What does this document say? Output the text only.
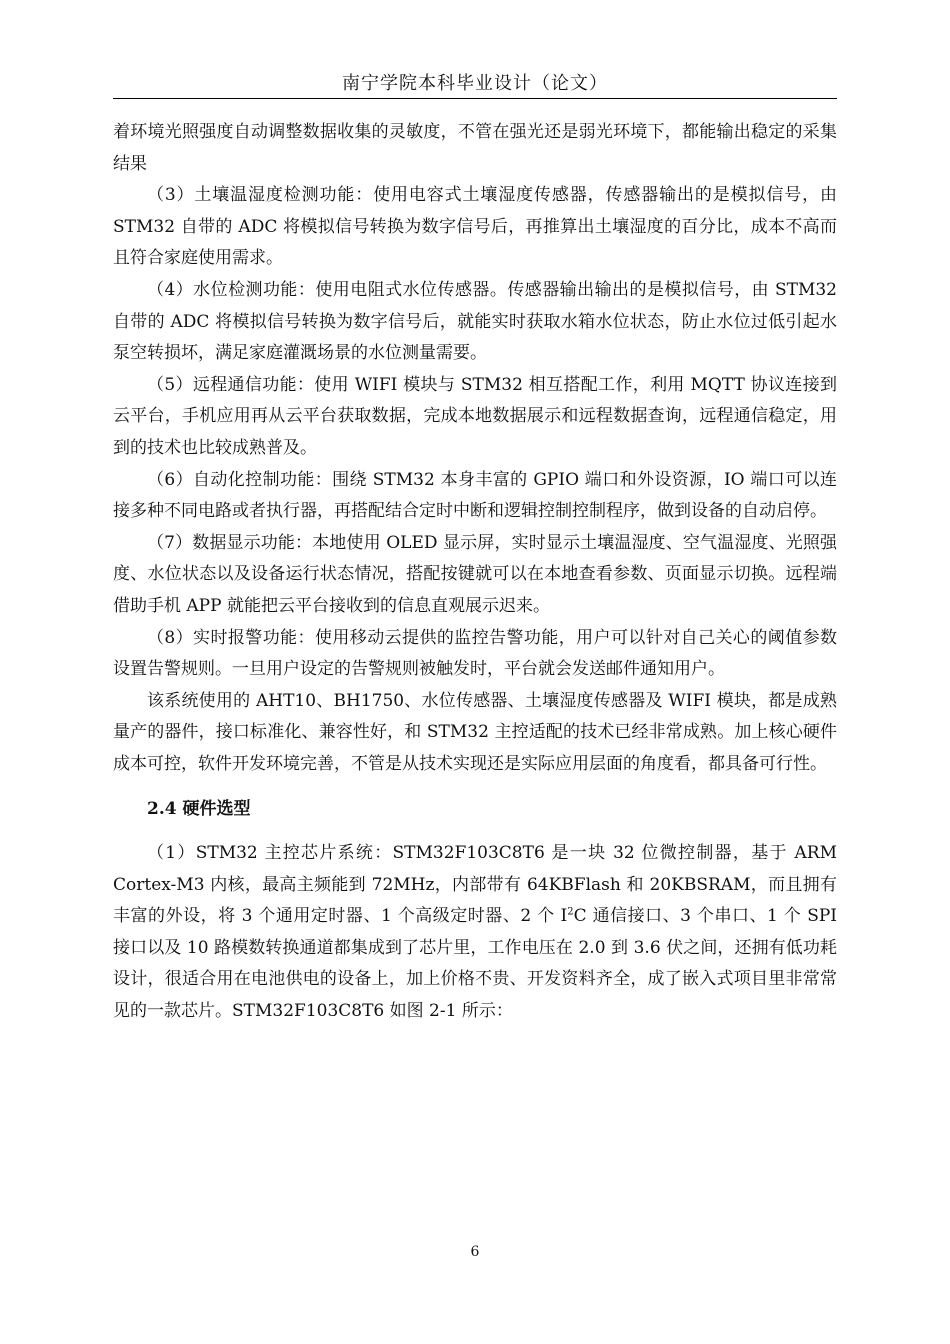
南宁学院本科毕业设计（论文）

着环境光照强度自动调整数据收集的灵敏度，不管在强光还是弱光环境下，都能输出稳定的采集结果

（3）土壤温湿度检测功能：使用电容式土壤湿度传感器，传感器输出的是模拟信号，由 STM32 自带的 ADC 将模拟信号转换为数字信号后，再推算出土壤湿度的百分比，成本不高而且符合家庭使用需求。

（4）水位检测功能：使用电阻式水位传感器。传感器输出输出的是模拟信号，由 STM32 自带的 ADC 将模拟信号转换为数字信号后，就能实时获取水箱水位状态，防止水位过低引起水泵空转损坏，满足家庭灌溉场景的水位测量需要。

（5）远程通信功能：使用 WIFI 模块与 STM32 相互搭配工作，利用 MQTT 协议连接到云平台，手机应用再从云平台获取数据，完成本地数据展示和远程数据查询，远程通信稳定，用到的技术也比较成熟普及。

（6）自动化控制功能：围绕 STM32 本身丰富的 GPIO 端口和外设资源，IO 端口可以连接多种不同电路或者执行器，再搭配结合定时中断和逻辑控制控制程序，做到设备的自动启停。

（7）数据显示功能：本地使用 OLED 显示屏，实时显示土壤温湿度、空气温湿度、光照强度、水位状态以及设备运行状态情况，搭配按键就可以在本地查看参数、页面显示切换。远程端借助手机 APP 就能把云平台接收到的信息直观展示迟来。

（8）实时报警功能：使用移动云提供的监控告警功能，用户可以针对自己关心的阈值参数设置告警规则。一旦用户设定的告警规则被触发时，平台就会发送邮件通知用户。

该系统使用的 AHT10、BH1750、水位传感器、土壤湿度传感器及 WIFI 模块，都是成熟量产的器件，接口标准化、兼容性好，和 STM32 主控适配的技术已经非常成熟。加上核心硬件成本可控，软件开发环境完善，不管是从技术实现还是实际应用层面的角度看，都具备可行性。

2.4 硬件选型

（1）STM32 主控芯片系统：STM32F103C8T6 是一块 32 位微控制器，基于 ARM Cortex-M3 内核，最高主频能到 72MHz，内部带有 64KBFlash 和 20KBSRAM，而且拥有丰富的外设，将 3 个通用定时器、1 个高级定时器、2 个 $I^2C$ 通信接口、3 个串口、1 个 SPI 接口以及 10 路模数转换通道都集成到了芯片里，工作电压在 2.0 到 3.6 伏之间，还拥有低功耗设计，很适合用在电池供电的设备上，加上价格不贵、开发资料齐全，成了嵌入式项目里非常常见的一款芯片。STM32F103C8T6 如图 2-1 所示：

6
